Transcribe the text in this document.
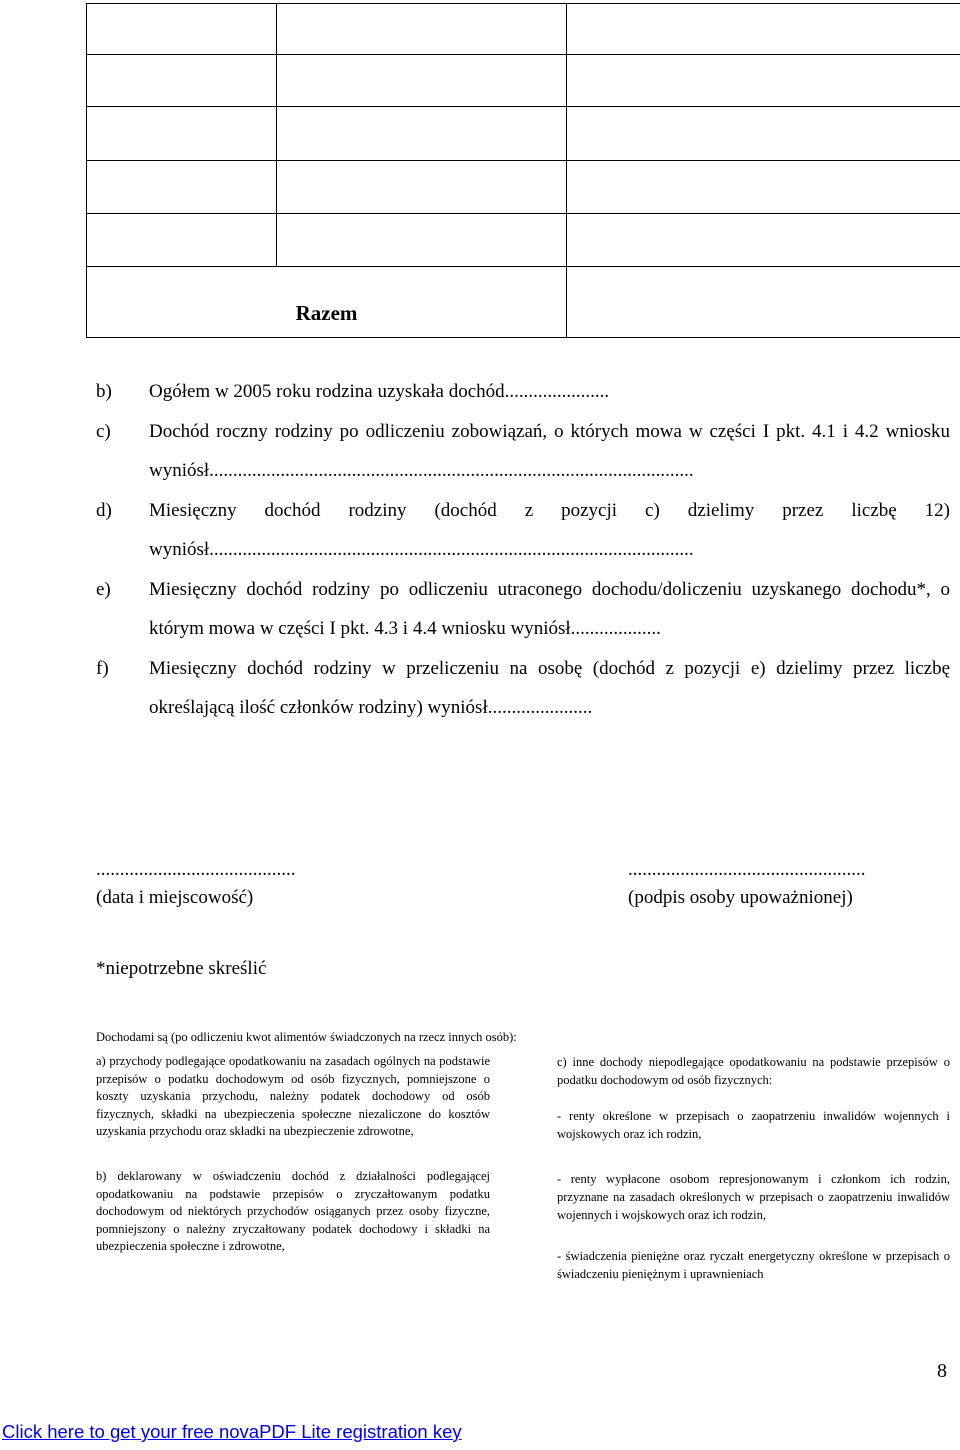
Razem		

b) Ogółem w 2005 roku rodzina uzyskała dochód......................
c) Dochód roczny rodziny po odliczeniu zobowiązań, o których mowa w części I pkt. 4.1 i 4.2 wniosku wyniósł......................................................................................................
d) Miesięczny dochód rodziny (dochód z pozycji c) dzielimy przez liczbę 12) wyniósł......................................................................................................
e) Miesięczny dochód rodziny po odliczeniu utraconego dochodu/doliczeniu uzyskanego dochodu*, o którym mowa w części I pkt. 4.3 i 4.4 wniosku wyniósł...................
f) Miesięczny dochód rodziny w przeliczeniu na osobę (dochód z pozycji e) dzielimy przez liczbę określającą ilość członków rodziny) wyniósł......................
..........................................
(data i miejscowość)
..................................................
(podpis osoby upoważnionej)
*niepotrzebne skreślić
Dochodami są (po odliczeniu kwot alimentów świadczonych na rzecz innych osób):

a) przychody podlegające opodatkowaniu na zasadach ogólnych na podstawie przepisów o podatku dochodowym od osób fizycznych, pomniejszone o koszty uzyskania przychodu, należny podatek dochodowy od osób fizycznych, składki na ubezpieczenia społeczne niezaliczone do kosztów uzyskania przychodu oraz składki na ubezpieczenie zdrowotne,

b) deklarowany w oświadczeniu dochód z działalności podlegającej opodatkowaniu na podstawie przepisów o zryczałtowanym podatku dochodowym od niektórych przychodów osiąganych przez osoby fizyczne, pomniejszony o należny zryczałtowany podatek dochodowy i składki na ubezpieczenia społeczne i zdrowotne,

c) inne dochody niepodlegające opodatkowaniu na podstawie przepisów o podatku dochodowym od osób fizycznych:

- renty określone w przepisach o zaopatrzeniu inwalidów wojennych i wojskowych oraz ich rodzin,

- renty wypłacone osobom represjonowanym i członkom ich rodzin, przyznane na zasadach określonych w przepisach o zaopatrzeniu inwalidów wojennych i wojskowych oraz ich rodzin,

- świadczenia pieniężne oraz ryczałt energetyczny określone w przepisach o świadczeniu pieniężnym i uprawnieniach

8
Click here to get your free novaPDF Lite registration key
